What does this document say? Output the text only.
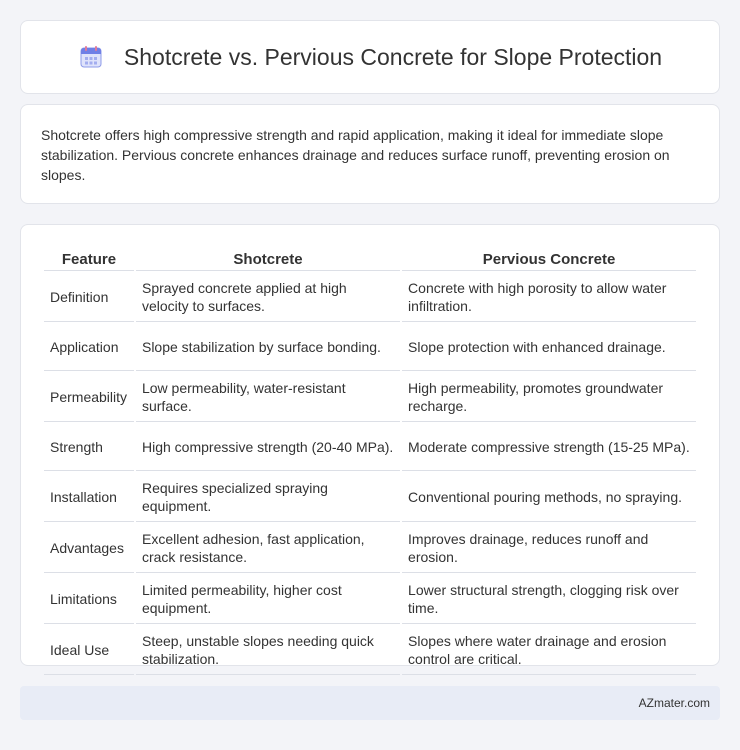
Shotcrete vs. Pervious Concrete for Slope Protection

Shotcrete offers high compressive strength and rapid application, making it ideal for immediate slope stabilization. Pervious concrete enhances drainage and reduces surface runoff, preventing erosion on slopes.

Feature	Shotcrete	Pervious Concrete
Definition	Sprayed concrete applied at high velocity to surfaces.	Concrete with high porosity to allow water infiltration.
Application	Slope stabilization by surface bonding.	Slope protection with enhanced drainage.
Permeability	Low permeability, water-resistant surface.	High permeability, promotes groundwater recharge.
Strength	High compressive strength (20-40 MPa).	Moderate compressive strength (15-25 MPa).
Installation	Requires specialized spraying equipment.	Conventional pouring methods, no spraying.
Advantages	Excellent adhesion, fast application, crack resistance.	Improves drainage, reduces runoff and erosion.
Limitations	Limited permeability, higher cost equipment.	Lower structural strength, clogging risk over time.
Ideal Use	Steep, unstable slopes needing quick stabilization.	Slopes where water drainage and erosion control are critical.
AZmater.com
